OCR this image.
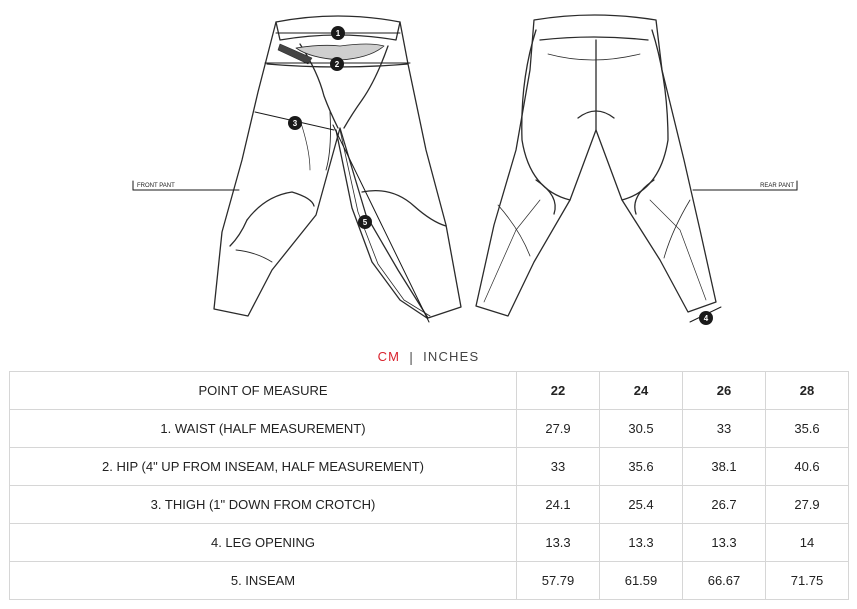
1
2
3
4
5
FRONT PANT	REAR PANT
CM | INCHES
POINT OF MEASURE	22	24	26	28
1. WAIST (HALF MEASUREMENT)	27.9	30.5	33	35.6
2. HIP (4" UP FROM INSEAM, HALF MEASUREMENT)	33	35.6	38.1	40.6
3. THIGH (1" DOWN FROM CROTCH)	24.1	25.4	26.7	27.9
4. LEG OPENING	13.3	13.3	13.3	14
5. INSEAM	57.79	61.59	66.67	71.75
